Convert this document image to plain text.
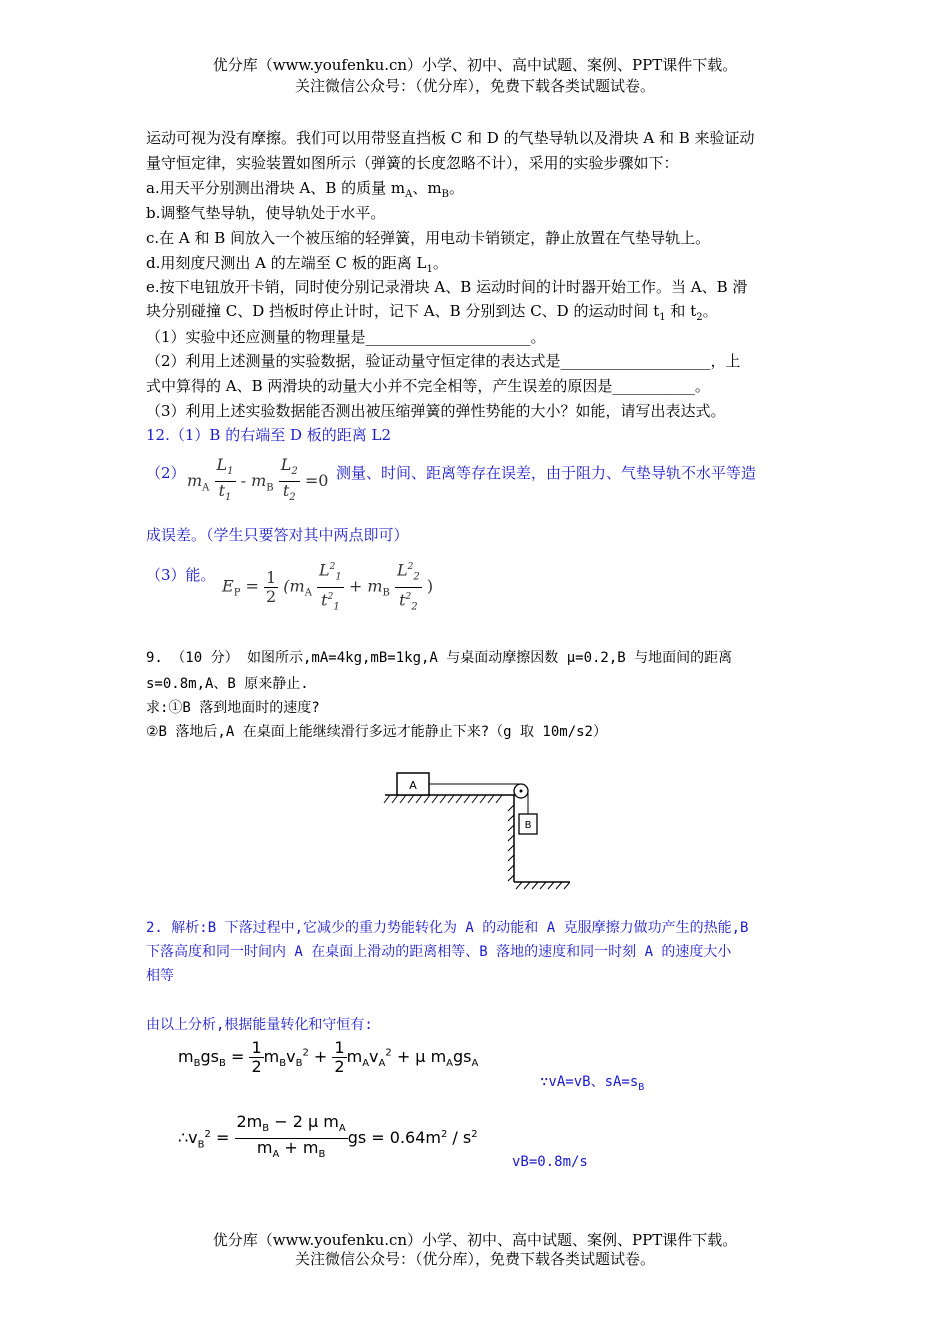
优分库（www.youfenku.cn）小学、初中、高中试题、案例、PPT课件下载。
关注微信公众号：（优分库），免费下载各类试题试卷。
运动可视为没有摩擦。我们可以用带竖直挡板 C 和 D 的气垫导轨以及滑块 A 和 B 来验证动
量守恒定律，实验装置如图所示（弹簧的长度忽略不计），采用的实验步骤如下：
a.用天平分别测出滑块 A、B 的质量 $m_A$、$m_B$。
b.调整气垫导轨，使导轨处于水平。
c.在 A 和 B 间放入一个被压缩的轻弹簧，用电动卡销锁定，静止放置在气垫导轨上。
d.用刻度尺测出 A 的左端至 C 板的距离 $L_1$。
e.按下电钮放开卡销，同时使分别记录滑块 A、B 运动时间的计时器开始工作。当 A、B 滑
块分别碰撞 C、D 挡板时停止计时，记下 A、B 分别到达 C、D 的运动时间 $t_1$ 和 $t_2$。
（1）实验中还应测量的物理量是______________________。
（2）利用上述测量的实验数据，验证动量守恒定律的表达式是____________________，上
式中算得的 A、B 两滑块的动量大小并不完全相等，产生误差的原因是___________。
（3）利用上述实验数据能否测出被压缩弹簧的弹性势能的大小？如能，请写出表达式。
12.（1）B 的右端至 D 板的距离 L2
（2） $m_A \frac{L_1}{t_1} - m_B \frac{L_2}{t_2} =0$ 测量、时间、距离等存在误差，由于阻力、气垫导轨不水平等造
成误差。（学生只要答对其中两点即可）
（3）能。
$E_P = \frac{1}{2} (m_A \frac{L^2_1}{t^2_1} + m_B \frac{L^2_2}{t^2_2}$ )
9. （10 分） 如图所示,mA=4kg,mB=1kg,A 与桌面动摩擦因数 μ=0.2,B 与地面间的距离
s=0.8m,A、B 原来静止.
求:①B 落到地面时的速度?
②B 落地后,A 在桌面上能继续滑行多远才能静止下来?（g 取 10m/s2）
A
B
2. 解析:B 下落过程中,它减少的重力势能转化为 A 的动能和 A 克服摩擦力做功产生的热能,B
下落高度和同一时间内 A 在桌面上滑动的距离相等、B 落地的速度和同一时刻 A 的速度大小
相等
由以上分析,根据能量转化和守恒有:
$m_Bgs_B = \frac{1}{2} m_Bv_B^2 + \frac{1}{2} m_Av_A^2 + \mu$ $m_Ags_A$
∵vA=vB、$sA=s_B$
$\therefore v_B^2 = \frac{2m_B - 2 \mu m_A}{m_A + m_B}$ gs = $0.64m^2 / s^2$
vB=0.8m/s
优分库（www.youfenku.cn）小学、初中、高中试题、案例、PPT课件下载。
关注微信公众号：（优分库），免费下载各类试题试卷。
